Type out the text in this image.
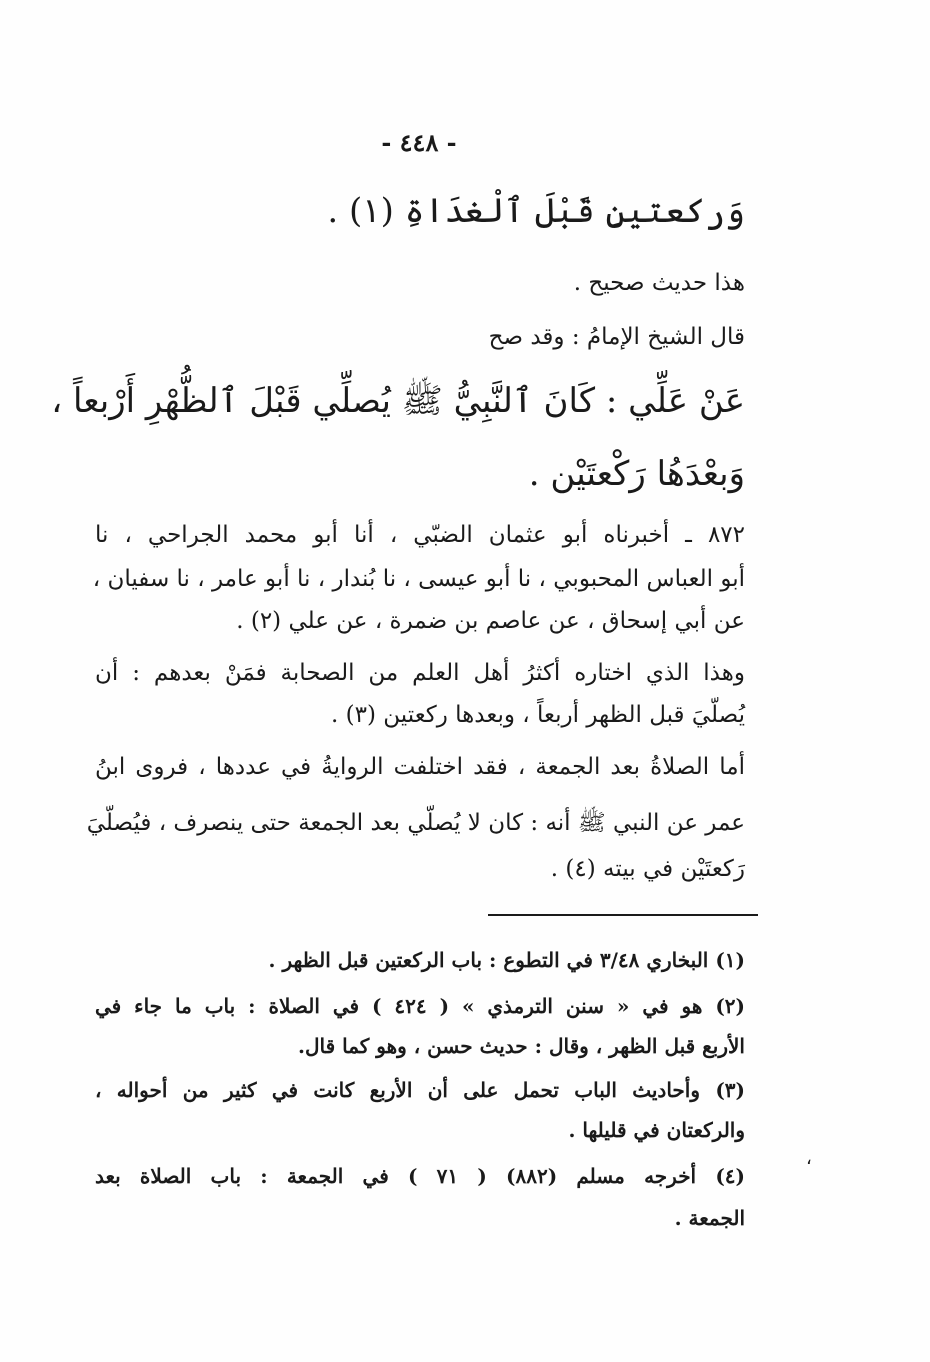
- ٤٤٨ -
وَركعتينِ قَبْلَ ٱلْغدَاةِ (١) .
هذا حديث صحيح .
قال الشيخ الإمامُ : وقد صح
عَنْ عَلِّي : كَانَ ٱلنَّبِيُّ ﷺ يُصلِّي قَبْلَ ٱلظُّهْرِ أَرْبعاً ،
وَبعْدَهُا رَكْعتَيْن .
٨٧٢ ـ أخبرناه أبو عثمان الضبّي ، أنا أبو محمد الجراحي ، نا
أبو العباس المحبوبي ، نا أبو عيسى ، نا بُندار ، نا أبو عامر ، نا سفيان ،
عن أبي إسحاق ، عن عاصم بن ضمرة ، عن علي (٢) .
وهذا الذي اختاره أكثرُ أهل العلم من الصحابة فمَنْ بعدهم : أن
يُصلّيَ قبل الظهر أربعاً ، وبعدها ركعتين (٣) .
أما الصلاةُ بعد الجمعة ، فقد اختلفت الروايةُ في عددها ، فروى ابنُ
عمر عن النبي ﷺ أنه : كان لا يُصلّي بعد الجمعة حتى ينصرف ، فيُصلّيَ
رَكعتَيْن في بيته (٤) .
(١) البخاري ٣/٤٨ في التطوع : باب الركعتين قبل الظهر .
(٢) هو في « سنن الترمذي » ( ٤٢٤ ) في الصلاة : باب ما جاء في
الأربع قبل الظهر ، وقال : حديث حسن ، وهو كما قال.
(٣) وأحاديث الباب تحمل على أن الأربع كانت في كثير من أحواله ،
والركعتان في قليلها .
(٤) أخرجه مسلم (٨٨٢) ( ٧١ ) في الجمعة : باب الصلاة بعد
الجمعة .
،
